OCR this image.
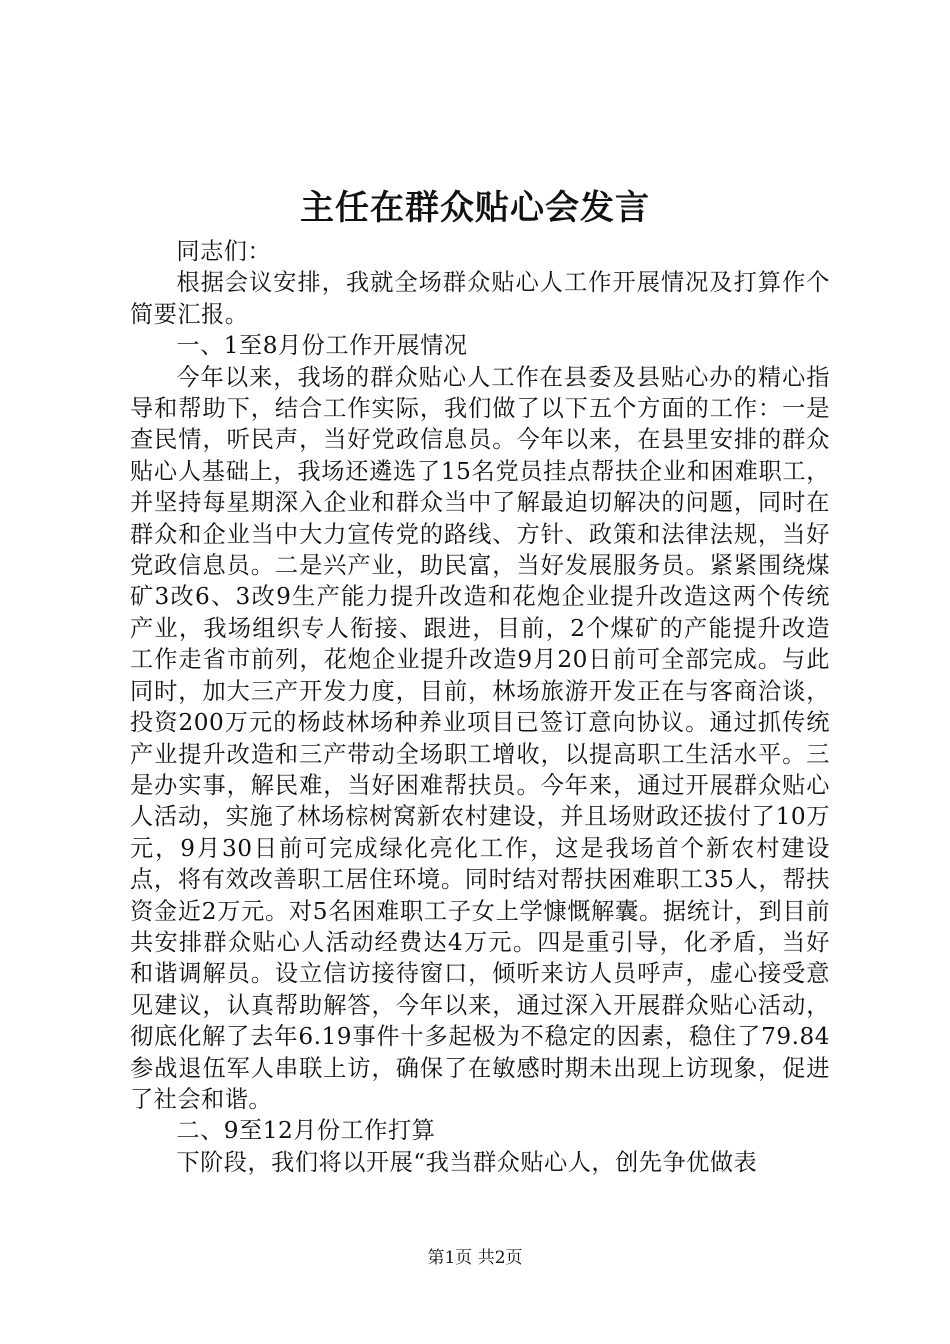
主任在群众贴心会发言

同志们：

根据会议安排，我就全场群众贴心人工作开展情况及打算作个简要汇报。

一、1至8月份工作开展情况

今年以来，我场的群众贴心人工作在县委及县贴心办的精心指导和帮助下，结合工作实际，我们做了以下五个方面的工作：一是查民情，听民声，当好党政信息员。今年以来，在县里安排的群众贴心人基础上，我场还遴选了15名党员挂点帮扶企业和困难职工，并坚持每星期深入企业和群众当中了解最迫切解决的问题，同时在群众和企业当中大力宣传党的路线、方针、政策和法律法规，当好党政信息员。二是兴产业，助民富，当好发展服务员。紧紧围绕煤矿3改6、3改9生产能力提升改造和花炮企业提升改造这两个传统产业，我场组织专人衔接、跟进，目前，2个煤矿的产能提升改造工作走省市前列，花炮企业提升改造9月20日前可全部完成。与此同时，加大三产开发力度，目前，林场旅游开发正在与客商洽谈，投资200万元的杨歧林场种养业项目已签订意向协议。通过抓传统产业提升改造和三产带动全场职工增收，以提高职工生活水平。三是办实事，解民难，当好困难帮扶员。今年来，通过开展群众贴心人活动，实施了林场棕树窝新农村建设，并且场财政还拔付了10万元，9月30日前可完成绿化亮化工作，这是我场首个新农村建设点，将有效改善职工居住环境。同时结对帮扶困难职工35人，帮扶资金近2万元。对5名困难职工子女上学慷慨解囊。据统计，到目前共安排群众贴心人活动经费达4万元。四是重引导，化矛盾，当好和谐调解员。设立信访接待窗口，倾听来访人员呼声，虚心接受意见建议，认真帮助解答，今年以来，通过深入开展群众贴心活动，彻底化解了去年6.19事件十多起极为不稳定的因素，稳住了79.84参战退伍军人串联上访，确保了在敏感时期未出现上访现象，促进了社会和谐。

二、9至12月份工作打算

下阶段，我们将以开展“我当群众贴心人，创先争优做表

第1页 共2页
